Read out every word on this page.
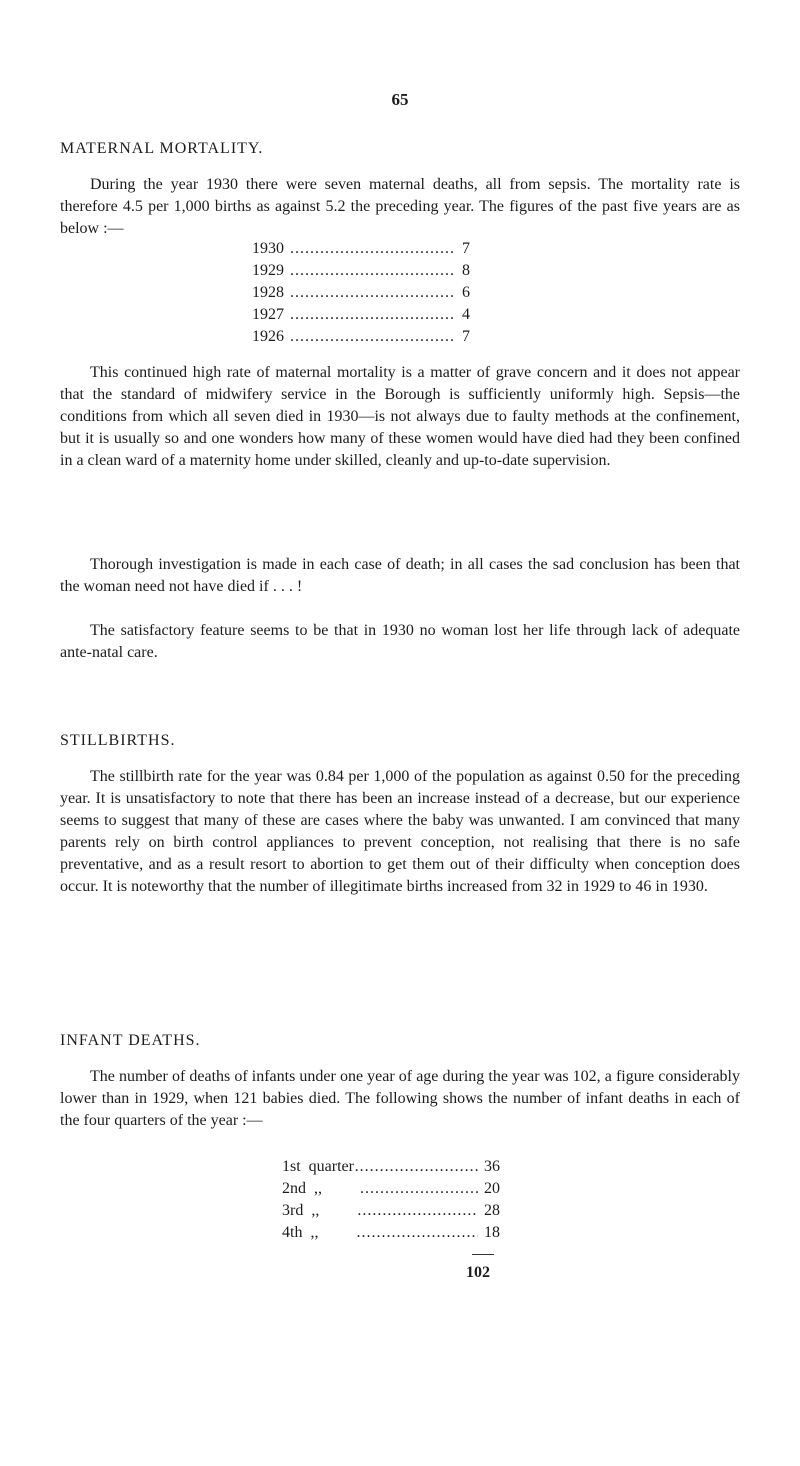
65
MATERNAL MORTALITY.

During the year 1930 there were seven maternal deaths, all from sepsis. The mortality rate is therefore 4.5 per 1,000 births as against 5.2 the preceding year. The figures of the past five years are as below :—

1930 .....	7
1929 .....	8
1928 .....	6
1927 .....	4
1926 .....	7

This continued high rate of maternal mortality is a matter of grave concern and it does not appear that the standard of midwifery service in the Borough is sufficiently uniformly high. Sepsis—the conditions from which all seven died in 1930—is not always due to faulty methods at the confinement, but it is usually so and one wonders how many of these women would have died had they been confined in a clean ward of a maternity home under skilled, cleanly and up-to-date supervision.

Thorough investigation is made in each case of death; in all cases the sad conclusion has been that the woman need not have died if . . . !

The satisfactory feature seems to be that in 1930 no woman lost her life through lack of adequate ante-natal care.

STILLBIRTHS.

The stillbirth rate for the year was 0.84 per 1,000 of the population as against 0.50 for the preceding year. It is unsatisfactory to note that there has been an increase instead of a decrease, but our experience seems to suggest that many of these are cases where the baby was unwanted. I am convinced that many parents rely on birth control appliances to prevent conception, not realising that there is no safe preventative, and as a result resort to abortion to get them out of their difficulty when conception does occur. It is noteworthy that the number of illegitimate births increased from 32 in 1929 to 46 in 1930.

INFANT DEATHS.

The number of deaths of infants under one year of age during the year was 102, a figure considerably lower than in 1929, when 121 babies died. The following shows the number of infant deaths in each of the four quarters of the year :—

1st quarter .....	36
2nd ,, .....	20
3rd ,, .....	28
4th ,, .....	18
102
